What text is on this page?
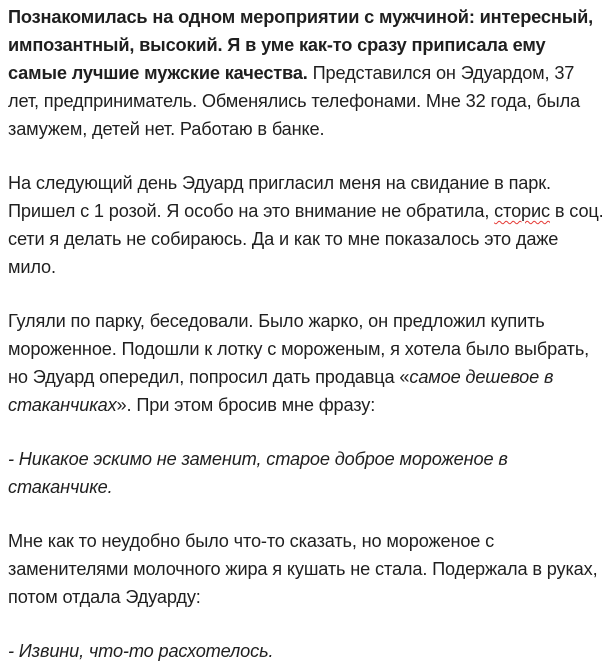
Познакомилась на одном мероприятии с мужчиной: интересный, импозантный, высокий. Я в уме как-то сразу приписала ему самые лучшие мужские качества. Представился он Эдуардом, 37 лет, предприниматель. Обменялись телефонами. Мне 32 года, была замужем, детей нет. Работаю в банке.

На следующий день Эдуард пригласил меня на свидание в парк. Пришел с 1 розой. Я особо на это внимание не обратила, сторис в соц. сети я делать не собираюсь. Да и как то мне показалось это даже мило.

Гуляли по парку, беседовали. Было жарко, он предложил купить мороженное. Подошли к лотку с мороженым, я хотела было выбрать, но Эдуард опередил, попросил дать продавца «самое дешевое в стаканчиках». При этом бросив мне фразу:

- Никакое эскимо не заменит, старое доброе мороженое в стаканчике.

Мне как то неудобно было что-то сказать, но мороженое с заменителями молочного жира я кушать не стала. Подержала в руках, потом отдала Эдуарду:

- Извини, что-то расхотелось.
